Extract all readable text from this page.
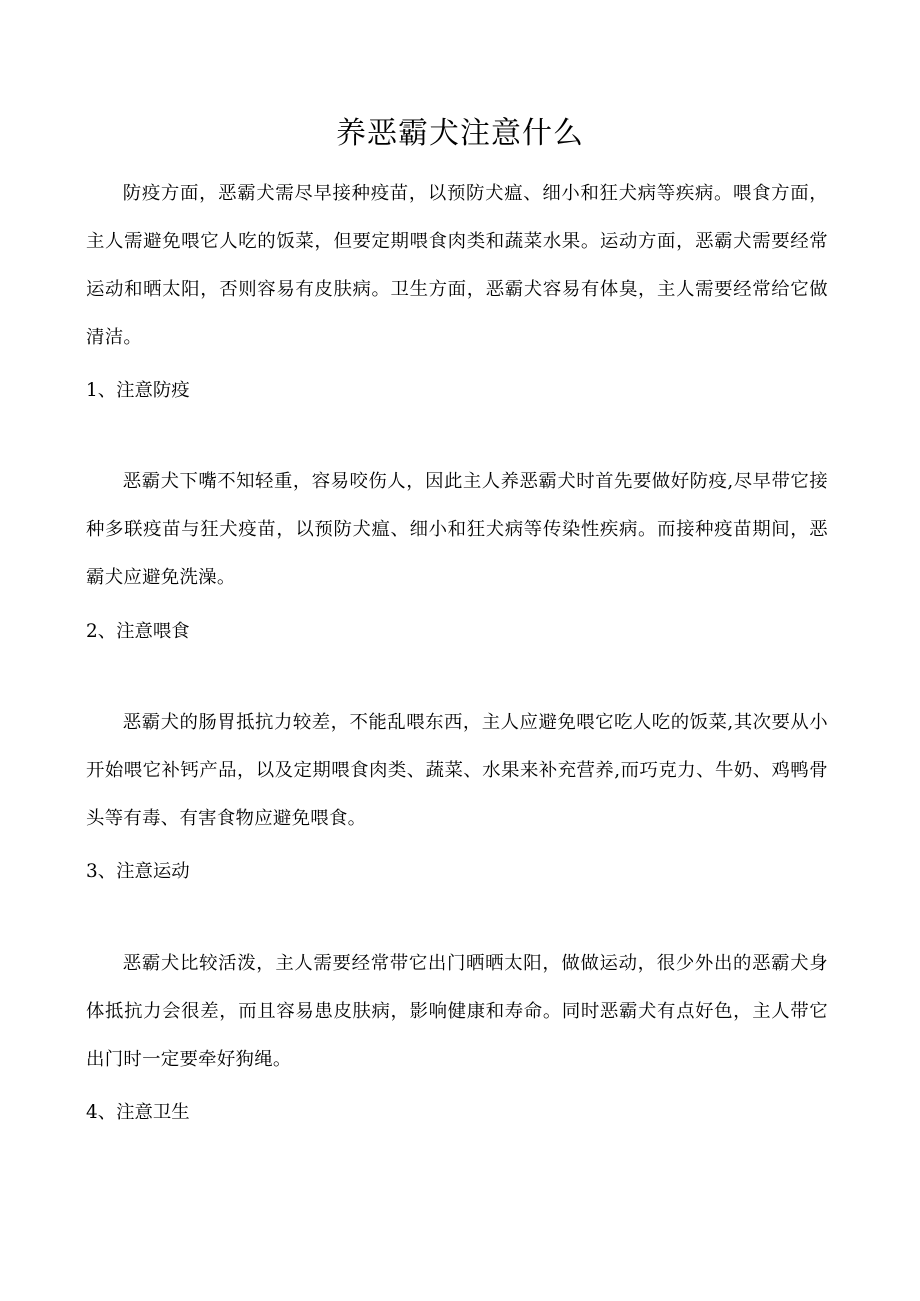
养恶霸犬注意什么
防疫方面，恶霸犬需尽早接种疫苗，以预防犬瘟、细小和狂犬病等疾病。喂食方面，主人需避免喂它人吃的饭菜，但要定期喂食肉类和蔬菜水果。运动方面，恶霸犬需要经常运动和晒太阳，否则容易有皮肤病。卫生方面，恶霸犬容易有体臭，主人需要经常给它做清洁。
1、注意防疫
恶霸犬下嘴不知轻重，容易咬伤人，因此主人养恶霸犬时首先要做好防疫,尽早带它接种多联疫苗与狂犬疫苗，以预防犬瘟、细小和狂犬病等传染性疾病。而接种疫苗期间，恶霸犬应避免洗澡。
2、注意喂食
恶霸犬的肠胃抵抗力较差，不能乱喂东西，主人应避免喂它吃人吃的饭菜,其次要从小开始喂它补钙产品，以及定期喂食肉类、蔬菜、水果来补充营养,而巧克力、牛奶、鸡鸭骨头等有毒、有害食物应避免喂食。
3、注意运动
恶霸犬比较活泼，主人需要经常带它出门晒晒太阳，做做运动，很少外出的恶霸犬身体抵抗力会很差，而且容易患皮肤病，影响健康和寿命。同时恶霸犬有点好色，主人带它出门时一定要牵好狗绳。
4、注意卫生
